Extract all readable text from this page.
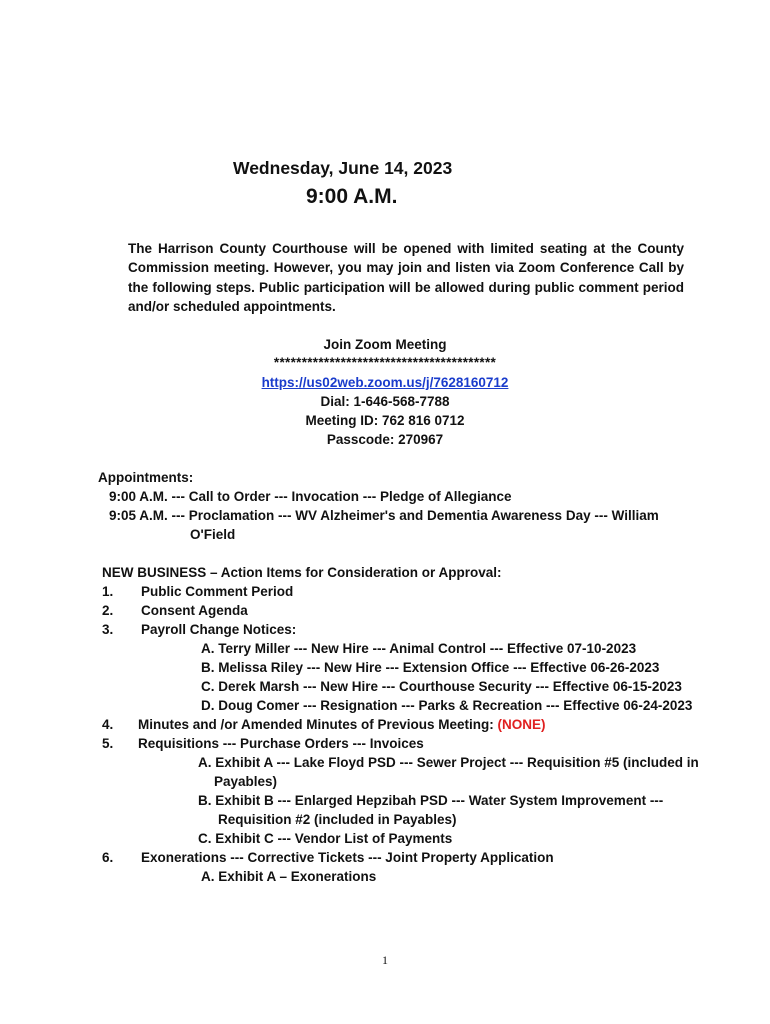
Wednesday, June 14, 2023
9:00 A.M.
The Harrison County Courthouse will be opened with limited seating at the County Commission meeting. However, you may join and listen via Zoom Conference Call by the following steps. Public participation will be allowed during public comment period and/or scheduled appointments.
Join Zoom Meeting
****************************************
https://us02web.zoom.us/j/7628160712
Dial: 1-646-568-7788
Meeting ID: 762 816 0712
Passcode: 270967
Appointments:
9:00 A.M. --- Call to Order --- Invocation --- Pledge of Allegiance
9:05 A.M. --- Proclamation --- WV Alzheimer's and Dementia Awareness Day --- William
O'Field
NEW BUSINESS – Action Items for Consideration or Approval:
1. Public Comment Period
2. Consent Agenda
3. Payroll Change Notices:
A. Terry Miller --- New Hire --- Animal Control --- Effective 07-10-2023
B. Melissa Riley --- New Hire --- Extension Office --- Effective 06-26-2023
C. Derek Marsh --- New Hire --- Courthouse Security --- Effective 06-15-2023
D. Doug Comer --- Resignation --- Parks & Recreation --- Effective 06-24-2023
4. Minutes and /or Amended Minutes of Previous Meeting: (NONE)
5. Requisitions --- Purchase Orders --- Invoices
A. Exhibit A --- Lake Floyd PSD --- Sewer Project --- Requisition #5 (included in
Payables)
B. Exhibit B --- Enlarged Hepzibah PSD --- Water System Improvement ---
Requisition #2 (included in Payables)
C. Exhibit C --- Vendor List of Payments
6. Exonerations --- Corrective Tickets --- Joint Property Application
A. Exhibit A – Exonerations
1
